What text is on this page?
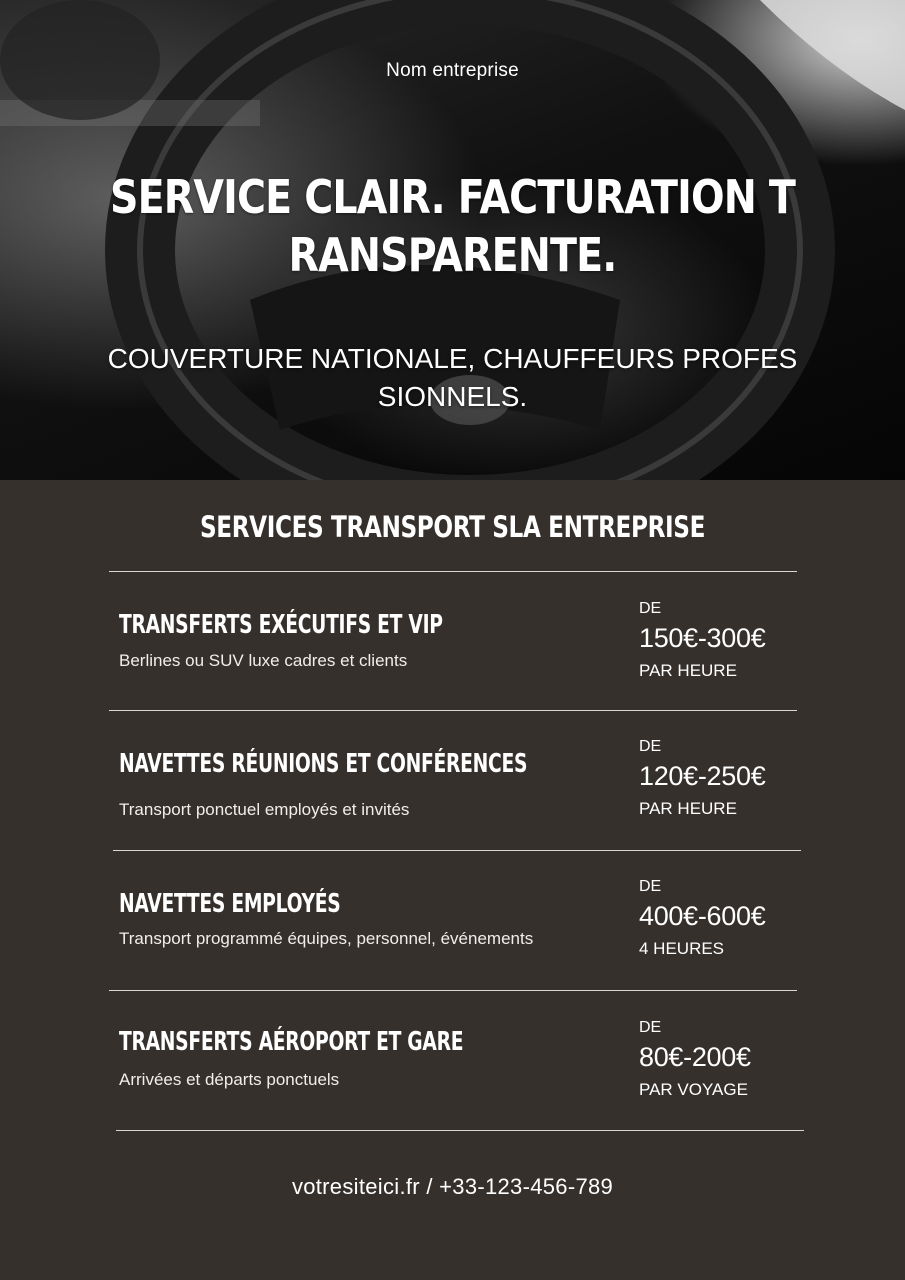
Nom entreprise
SERVICE CLAIR. FACTURATION TRANSPARENTE.
COUVERTURE NATIONALE, CHAUFFEURS PROFESSIONNELS.
SERVICES TRANSPORT SLA ENTREPRISE
TRANSFERTS EXÉCUTIFS ET VIP
Berlines ou SUV luxe cadres et clients
DE
150€-300€
PAR HEURE
NAVETTES RÉUNIONS ET CONFÉRENCES
Transport ponctuel employés et invités
DE
120€-250€
PAR HEURE
NAVETTES EMPLOYÉS
Transport programmé équipes, personnel, événements
DE
400€-600€
4 HEURES
TRANSFERTS AÉROPORT ET GARE
Arrivées et départs ponctuels
DE
80€-200€
PAR VOYAGE
votresiteici.fr / +33-123-456-789
